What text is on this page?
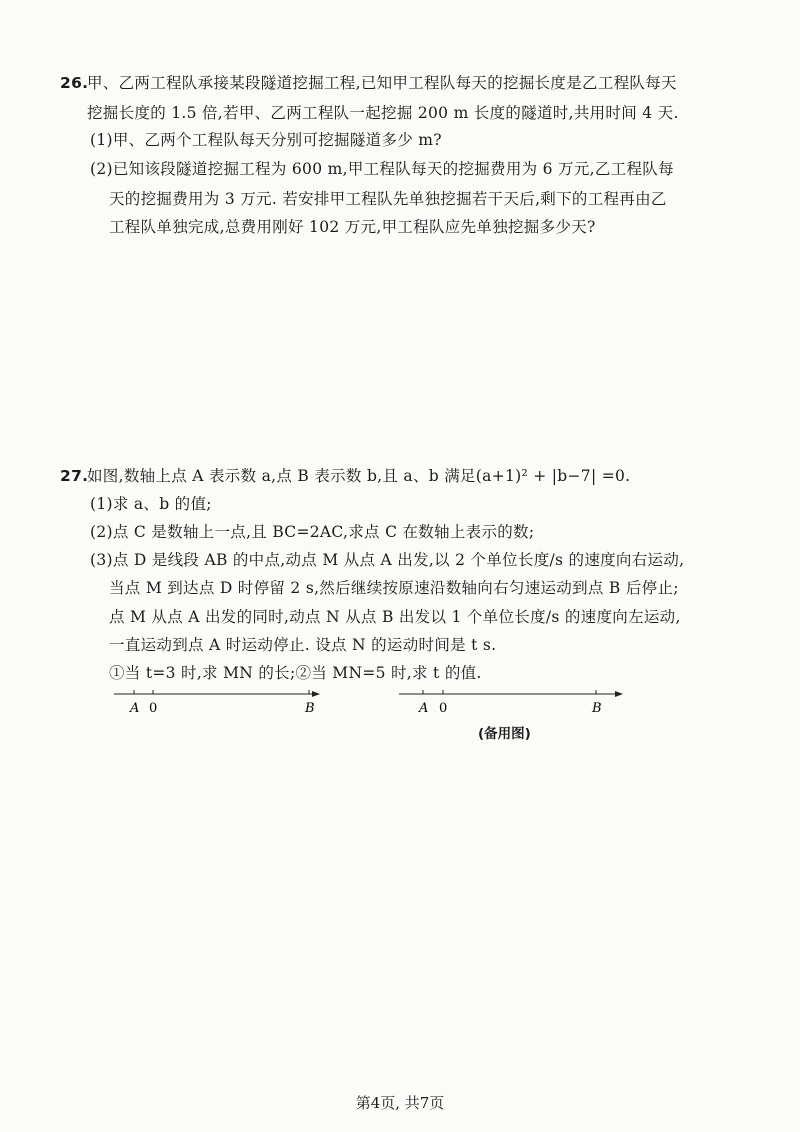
26.
甲、乙两工程队承接某段隧道挖掘工程,已知甲工程队每天的挖掘长度是乙工程队每天
挖掘长度的 1.5 倍,若甲、乙两工程队一起挖掘 200 m 长度的隧道时,共用时间 4 天.
(1)甲、乙两个工程队每天分别可挖掘隧道多少 m?
(2)已知该段隧道挖掘工程为 600 m,甲工程队每天的挖掘费用为 6 万元,乙工程队每
天的挖掘费用为 3 万元. 若安排甲工程队先单独挖掘若干天后,剩下的工程再由乙
工程队单独完成,总费用刚好 102 万元,甲工程队应先单独挖掘多少天?
27.
如图,数轴上点 A 表示数 a,点 B 表示数 b,且 a、b 满足(a+1)² + |b−7| =0.
(1)求 a、b 的值;
(2)点 C 是数轴上一点,且 BC=2AC,求点 C 在数轴上表示的数;
(3)点 D 是线段 AB 的中点,动点 M 从点 A 出发,以 2 个单位长度/s 的速度向右运动,
当点 M 到达点 D 时停留 2 s,然后继续按原速沿数轴向右匀速运动到点 B 后停止;
点 M 从点 A 出发的同时,动点 N 从点 B 出发以 1 个单位长度/s 的速度向左运动,
一直运动到点 A 时运动停止. 设点 N 的运动时间是 t s.
①当 t=3 时,求 MN 的长;②当 MN=5 时,求 t 的值.
A 0	B	A 0	B
(备用图)
第4页, 共7页
